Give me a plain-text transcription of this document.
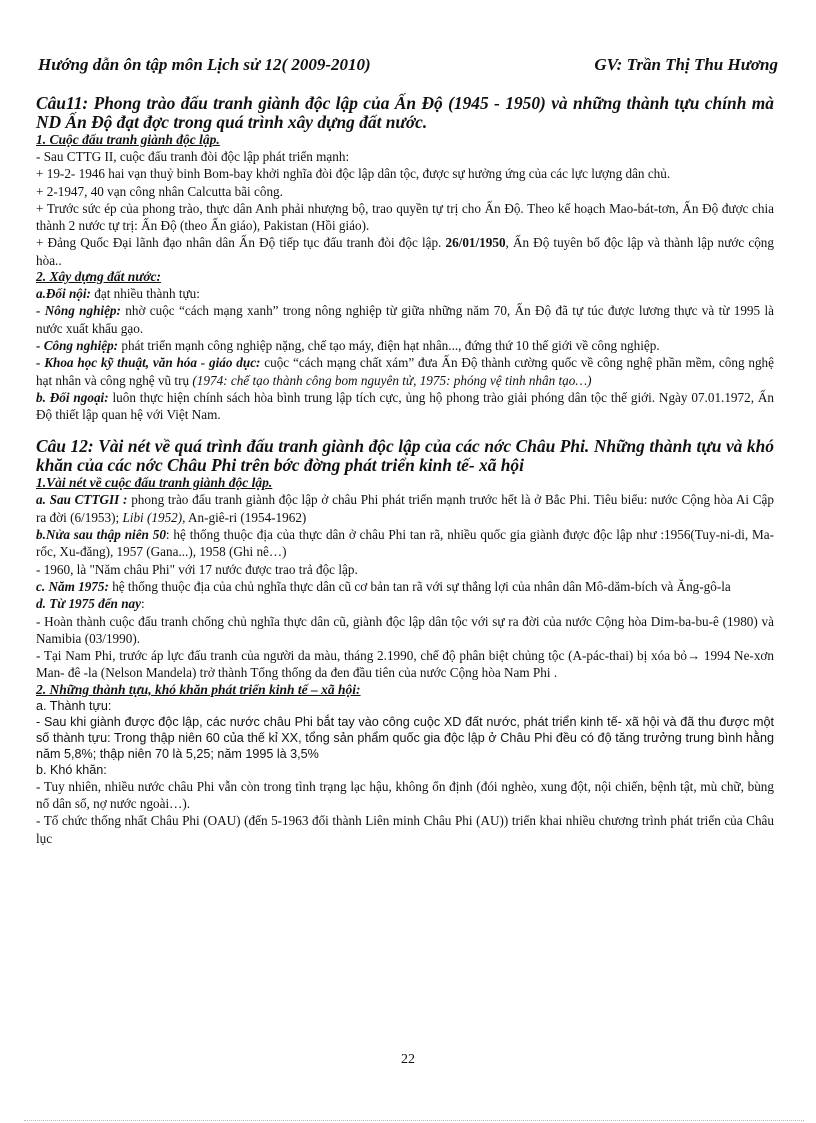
Hướng dẫn ôn tập môn Lịch sử 12( 2009-2010)	GV: Trần Thị Thu Hương

Câu11: Phong trào đấu tranh giành độc lập của Ấn Độ (1945 - 1950) và những thành tựu chính mà ND Ấn Độ đạt đợc trong quá trình xây dựng đất nước.

1. Cuộc đấu tranh giành độc lập.

- Sau CTTG II, cuộc đấu tranh đòi độc lập phát triển mạnh:

+ 19-2- 1946 hai vạn thuỷ binh Bom-bay khởi nghĩa đòi độc lập dân tộc, được sự hưởng ứng của các lực lượng dân chủ.

+ 2-1947, 40 vạn công nhân Calcutta bãi công.

+ Trước sức ép của phong trào, thực dân Anh phải nhượng bộ, trao quyền tự trị cho Ấn Độ. Theo kế hoạch Mao-bát-tơn, Ấn Độ được chia thành 2 nước tự trị: Ấn Độ (theo Ấn giáo), Pakistan (Hồi giáo).

+ Đảng Quốc Đại lãnh đạo nhân dân Ấn Độ tiếp tục đấu tranh đòi độc lập. 26/01/1950, Ấn Độ tuyên bố độc lập và thành lập nước cộng hòa..

2. Xây dựng đất nước:

a.Đối nội: đạt nhiều thành tựu:

- Nông nghiệp: nhờ cuộc “cách mạng xanh” trong nông nghiệp từ giữa những năm 70, Ấn Độ đã tự túc được lương thực và từ 1995 là nước xuất khẩu gạo.

- Công nghiệp: phát triển mạnh công nghiệp nặng, chế tạo máy, điện hạt nhân..., đứng thứ 10 thế giới về công nghiệp.

- Khoa học kỹ thuật, văn hóa - giáo dục: cuộc “cách mạng chất xám” đưa Ấn Độ thành cường quốc về công nghệ phần mềm, công nghệ hạt nhân và công nghệ vũ trụ (1974: chế tạo thành công bom nguyên tử, 1975: phóng vệ tinh nhân tạo…)

b. Đối ngoại: luôn thực hiện chính sách hòa bình trung lập tích cực, ủng hộ phong trào giải phóng dân tộc thế giới. Ngày 07.01.1972, Ấn Độ thiết lập quan hệ với Việt Nam.

Câu 12: Vài nét về quá trình đấu tranh giành độc lập của các nớc Châu Phi. Những thành tựu và khó khăn của các nớc Châu Phi trên bớc đờng phát triển kinh tế- xã hội

1.Vài nét về cuộc đấu tranh giành độc lập.

a. Sau CTTGII : phong trào đấu tranh giành độc lập ở châu Phi phát triển mạnh trước hết là ở Bắc Phi. Tiêu biểu: nước Cộng hòa Ai Cập ra đời (6/1953); Libi (1952), An-giê-ri (1954-1962)

b.Nửa sau thập niên 50: hệ thống thuộc địa của thực dân ở châu Phi tan rã, nhiều quốc gia giành được độc lập như :1956(Tuy-ni-di, Ma-rốc, Xu-đăng), 1957 (Gana...), 1958 (Ghi nê…)

- 1960, là "Năm châu Phi" với 17 nước được trao trả độc lập.

c. Năm 1975: hệ thống thuộc địa của chủ nghĩa thực dân cũ cơ bản tan rã với sự thắng lợi của nhân dân Mô-dăm-bích và Ăng-gô-la

d. Từ 1975 đến nay:

- Hoàn thành cuộc đấu tranh chống chủ nghĩa thực dân cũ, giành độc lập dân tộc với sự ra đời của nước Cộng hòa Dim-ba-bu-ê (1980) và Namibia (03/1990).

- Tại Nam Phi, trước áp lực đấu tranh của người da màu, tháng 2.1990, chế độ phân biệt chủng tộc (A-pác-thai) bị xóa bỏ→ 1994 Ne-xơn Man- đê -la (Nelson Mandela) trở thành Tổng thống da đen đầu tiên của nước Cộng hòa Nam Phi .

2. Những thành tựu, khó khăn phát triển kinh tế – xã hội:

a. Thành tựu:

- Sau khi giành được độc lập, các nước châu Phi bắt tay vào công cuộc XD đất nước, phát triển kinh tế- xã hội và đã thu được một số thành tựu: Trong thập niên 60 của thế kỉ XX, tổng sản phẩm quốc gia độc lập ở Châu Phi đều có độ tăng trưởng trung bình hằng năm 5,8%; thập niên 70 là 5,25; năm 1995 là 3,5%

b. Khó khăn:

- Tuy nhiên, nhiều nước châu Phi vẫn còn trong tình trạng lạc hậu, không ổn định (đói nghèo, xung đột, nội chiến, bệnh tật, mù chữ, bùng nổ dân số, nợ nước ngoài…).

- Tổ chức thống nhất Châu Phi (OAU) (đến 5-1963 đổi thành Liên minh Châu Phi (AU)) triển khai nhiều chương trình phát triển của Châu lục

22
